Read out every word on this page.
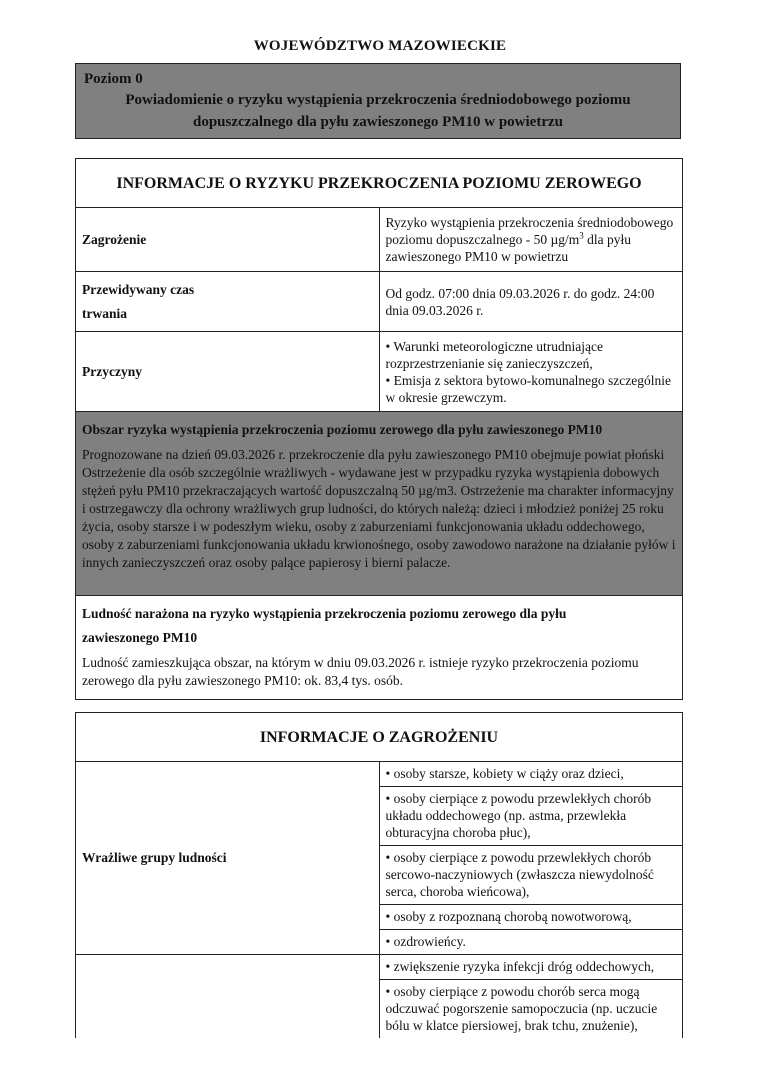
WOJEWÓDZTWO MAZOWIECKIE
Poziom 0
Powiadomienie o ryzyku wystąpienia przekroczenia średniodobowego poziomu
dopuszczalnego dla pyłu zawieszonego PM10 w powietrzu
INFORMACJE O RYZYKU PRZEKROCZENIA POZIOMU ZEROWEGO	
Zagrożenie	Ryzyko wystąpienia przekroczenia średniodobowego poziomu dopuszczalnego - 50 $\mu g/m^3$ dla pyłu zawieszonego PM10 w powietrzu

Przewidywany czas
trwania	Od godz. 07:00 dnia 09.03.2026 r. do godz. 24:00 dnia 09.03.2026 r.
Przyczyny	• Warunki meteorologiczne utrudniające rozprzestrzenianie się zanieczyszczeń,
• Emisja z sektora bytowo-komunalnego szczególnie w okresie grzewczym.

Obszar ryzyka wystąpienia przekroczenia poziomu zerowego dla pyłu zawieszonego PM10
Prognozowane na dzień 09.03.2026 r. przekroczenie dla pyłu zawieszonego PM10 obejmuje powiat płoński Ostrzeżenie dla osób szczególnie wrażliwych - wydawane jest w przypadku ryzyka wystąpienia dobowych stężeń pyłu PM10 przekraczających wartość dopuszczalną 50 µg/m3. Ostrzeżenie ma charakter informacyjny i ostrzegawczy dla ochrony wrażliwych grup ludności, do których należą: dzieci i młodzież poniżej 25 roku życia, osoby starsze i w podeszłym wieku, osoby z zaburzeniami funkcjonowania układu oddechowego, osoby z zaburzeniami funkcjonowania układu krwionośnego, osoby zawodowo narażone na działanie pyłów i innych zanieczyszczeń oraz osoby palące papierosy i bierni palacze.	

Ludność narażona na ryzyko wystąpienia przekroczenia poziomu zerowego dla pyłu
zawieszonego PM10
Ludność zamieszkująca obszar, na którym w dniu 09.03.2026 r. istnieje ryzyko przekroczenia poziomu zerowego dla pyłu zawieszonego PM10: ok. 83,4 tys. osób.	
INFORMACJE O ZAGROŻENIU	
Wrażliwe grupy ludności	• osoby starsze, kobiety w ciąży oraz dzieci,
• osoby cierpiące z powodu przewlekłych chorób układu oddechowego (np. astma, przewlekła obturacyjna choroba płuc),
• osoby cierpiące z powodu przewlekłych chorób sercowo-naczyniowych (zwłaszcza niewydolność serca, choroba wieńcowa),
• osoby z rozpoznaną chorobą nowotworową,
• ozdrowieńcy.

	• zwiększenie ryzyka infekcji dróg oddechowych,
• osoby cierpiące z powodu chorób serca mogą odczuwać pogorszenie samopoczucia (np. uczucie bólu w klatce piersiowej, brak tchu, znużenie),
